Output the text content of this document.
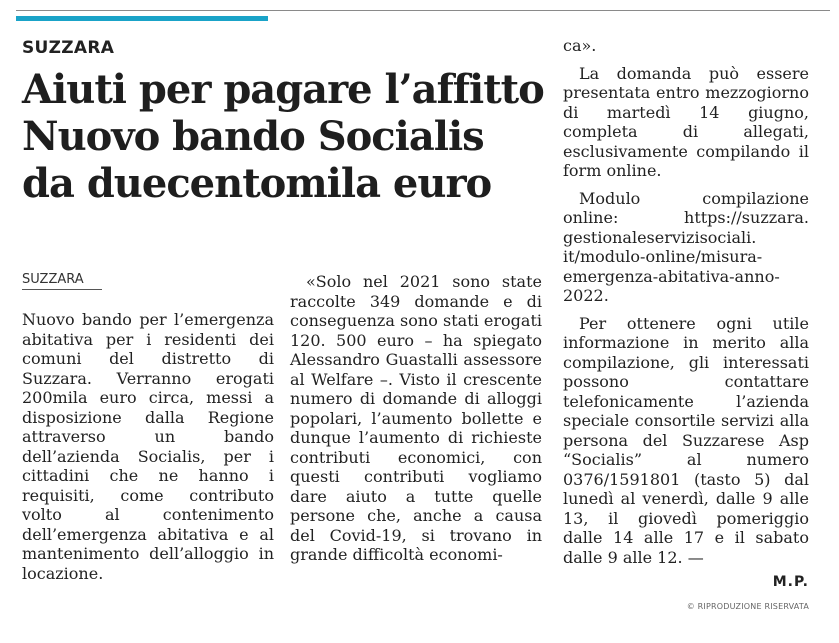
SUZZARA
Aiuti per pagare l’affitto
Nuovo bando Socialis
da duecentomila euro
SUZZARA

Nuovo bando per l’emergenza abitativa per i residenti dei comuni del distretto di Suzzara. Verranno erogati 200mila euro circa, messi a disposizione dalla Regione attraverso un bando dell’azienda Socialis, per i cittadini che ne hanno i requisiti, come contributo volto al contenimento dell’emergenza abitativa e al mantenimento dell’alloggio in locazione.

«Solo nel 2021 sono state raccolte 349 domande e di conseguenza sono stati erogati 120. 500 euro – ha spiegato Alessandro Guastalli assessore al Welfare –. Visto il crescente numero di domande di alloggi popolari, l’aumento bollette e dunque l’aumento di richieste contributi economici, con questi contributi vogliamo dare aiuto a tutte quelle persone che, anche a causa del Covid-19, si trovano in grande difficoltà economi-

ca».

La domanda può essere presentata entro mezzogiorno di martedì 14 giugno, completa di allegati, esclusivamente compilando il form online.

Modulo compilazione online: https://suzzara. gestionaleservizisociali. it/modulo-online/misura-emergenza-abitativa-anno-2022.

Per ottenere ogni utile informazione in merito alla compilazione, gli interessati possono contattare telefonicamente l’azienda speciale consortile servizi alla persona del Suzzarese Asp “Socialis” al numero 0376/1591801 (tasto 5) dal lunedì al venerdì, dalle 9 alle 13, il giovedì pomeriggio dalle 14 alle 17 e il sabato dalle 9 alle 12. —

M.P.
© RIPRODUZIONE RISERVATA
